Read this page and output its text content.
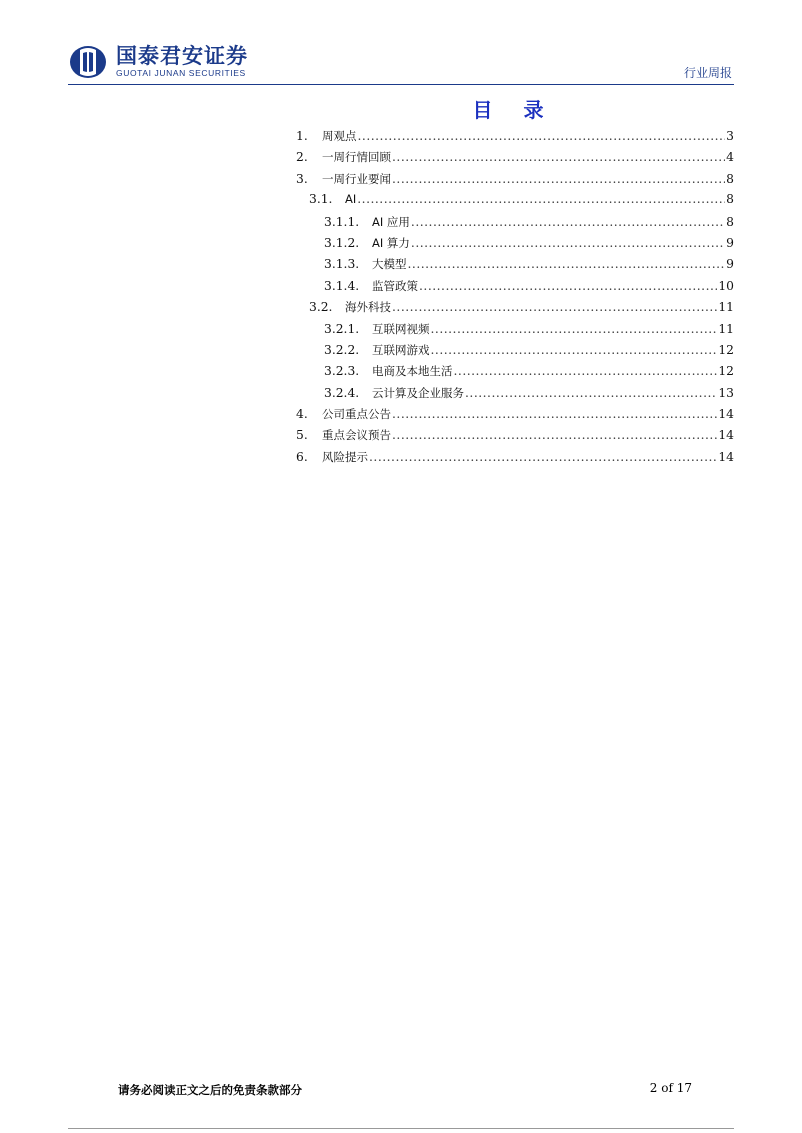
国泰君安证券
GUOTAI JUNAN SECURITIES	行业周报
目 录
1.	周观点 .....	3
2.	一周行情回顾 .....	4
3.	一周行业要闻 .....	8
3.1.	AI .....	8
3.1.1.	AI 应用 .....	8
3.1.2.	AI 算力 .....	9
3.1.3.	大模型 .....	9
3.1.4.	监管政策 .....	10
3.2.	海外科技 .....	11
3.2.1.	互联网视频 .....	11
3.2.2.	互联网游戏 .....	12
3.2.3.	电商及本地生活 .....	12
3.2.4.	云计算及企业服务 .....	13
4.	公司重点公告 .....	14
5.	重点会议预告 .....	14
6.	风险提示 .....	14
请务必阅读正文之后的免责条款部分	2 of 17
